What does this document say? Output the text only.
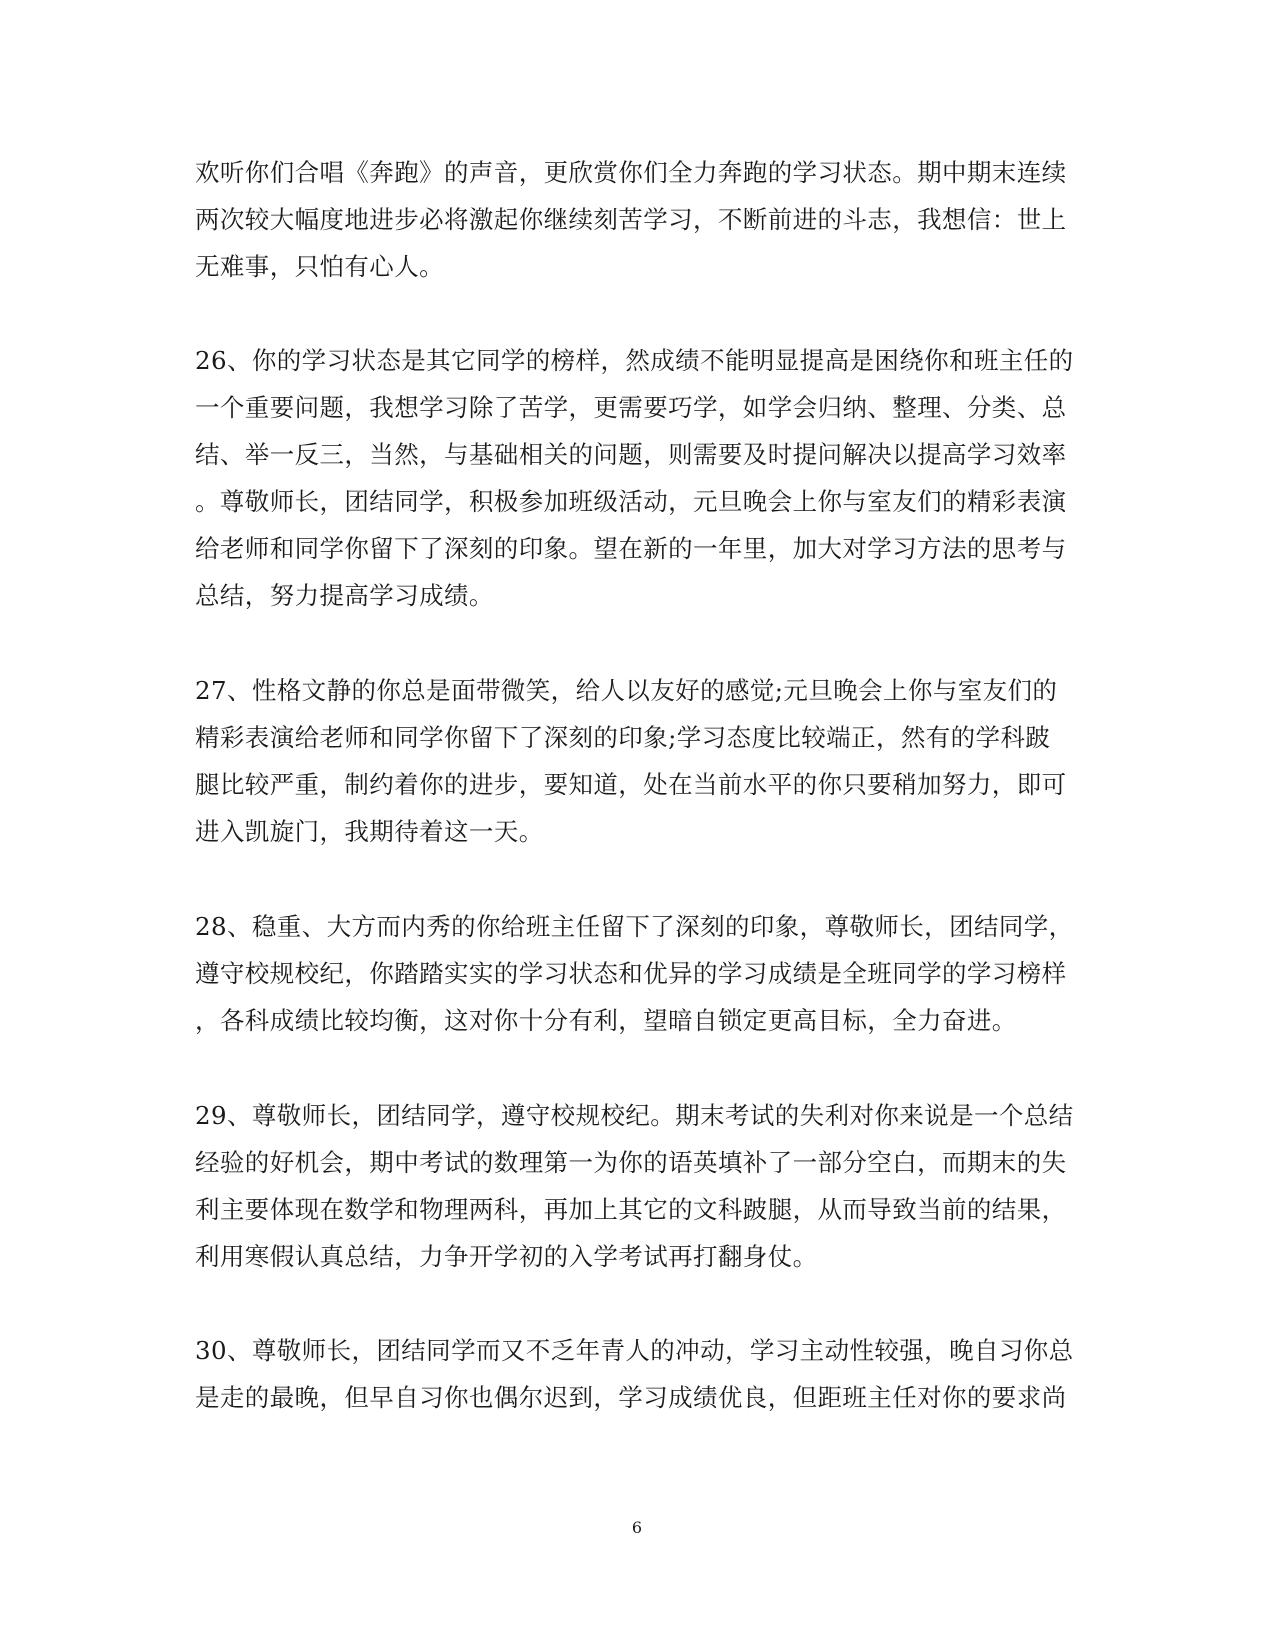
欢听你们合唱《奔跑》的声音，更欣赏你们全力奔跑的学习状态。期中期末连续
两次较大幅度地进步必将激起你继续刻苦学习，不断前进的斗志，我想信：世上
无难事，只怕有心人。
26、你的学习状态是其它同学的榜样，然成绩不能明显提高是困绕你和班主任的
一个重要问题，我想学习除了苦学，更需要巧学，如学会归纳、整理、分类、总
结、举一反三，当然，与基础相关的问题，则需要及时提问解决以提高学习效率
。尊敬师长，团结同学，积极参加班级活动，元旦晚会上你与室友们的精彩表演
给老师和同学你留下了深刻的印象。望在新的一年里，加大对学习方法的思考与
总结，努力提高学习成绩。
27、性格文静的你总是面带微笑，给人以友好的感觉;元旦晚会上你与室友们的
精彩表演给老师和同学你留下了深刻的印象;学习态度比较端正，然有的学科跛
腿比较严重，制约着你的进步，要知道，处在当前水平的你只要稍加努力，即可
进入凯旋门，我期待着这一天。
28、稳重、大方而内秀的你给班主任留下了深刻的印象，尊敬师长，团结同学，
遵守校规校纪，你踏踏实实的学习状态和优异的学习成绩是全班同学的学习榜样
，各科成绩比较均衡，这对你十分有利，望暗自锁定更高目标，全力奋进。
29、尊敬师长，团结同学，遵守校规校纪。期末考试的失利对你来说是一个总结
经验的好机会，期中考试的数理第一为你的语英填补了一部分空白，而期末的失
利主要体现在数学和物理两科，再加上其它的文科跛腿，从而导致当前的结果，
利用寒假认真总结，力争开学初的入学考试再打翻身仗。
30、尊敬师长，团结同学而又不乏年青人的冲动，学习主动性较强，晚自习你总
是走的最晚，但早自习你也偶尔迟到，学习成绩优良，但距班主任对你的要求尚
6
